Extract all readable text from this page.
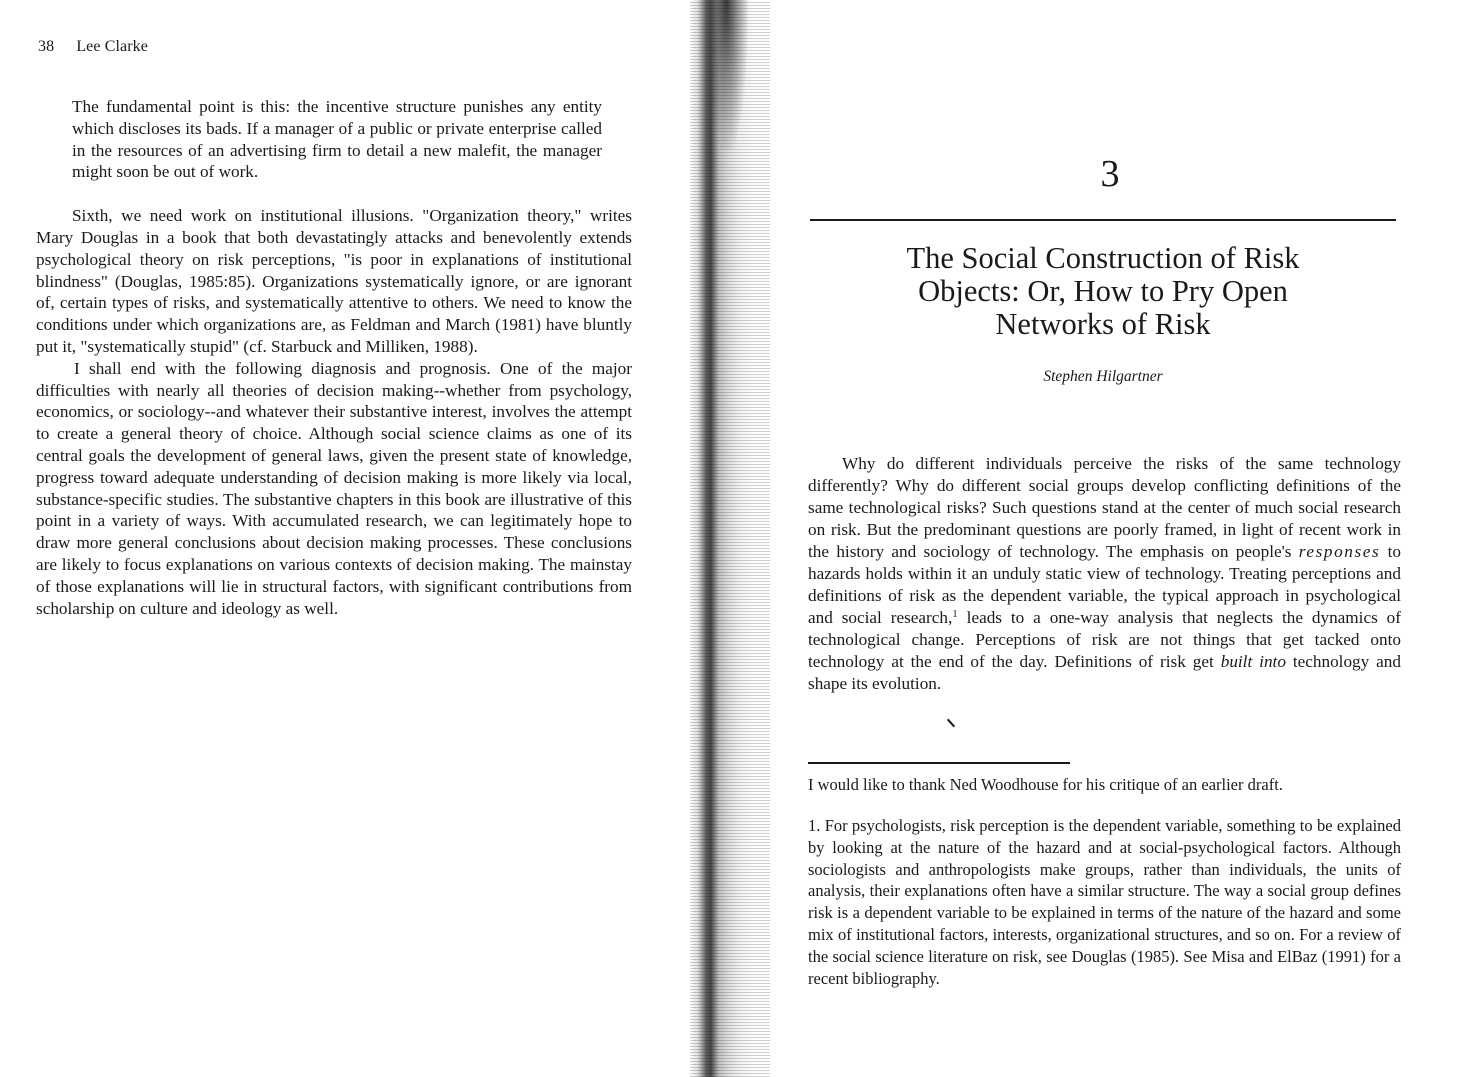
38 Lee Clarke

The fundamental point is this: the incentive structure punishes any entity which discloses its bads. If a manager of a public or private enterprise called in the resources of an advertising firm to detail a new malefit, the manager might soon be out of work.

Sixth, we need work on institutional illusions. "Organization theory," writes Mary Douglas in a book that both devastatingly attacks and benevolently extends psychological theory on risk perceptions, "is poor in explanations of institutional blindness" (Douglas, 1985:85). Organizations systematically ignore, or are ignorant of, certain types of risks, and systematically attentive to others. We need to know the conditions under which organizations are, as Feldman and March (1981) have bluntly put it, "systematically stupid" (cf. Starbuck and Milliken, 1988).

I shall end with the following diagnosis and prognosis. One of the major difficulties with nearly all theories of decision making--whether from psychology, economics, or sociology--and whatever their substantive interest, involves the attempt to create a general theory of choice. Although social science claims as one of its central goals the development of general laws, given the present state of knowledge, progress toward adequate understanding of decision making is more likely via local, substance-specific studies. The substantive chapters in this book are illustrative of this point in a variety of ways. With accumulated research, we can legitimately hope to draw more general conclusions about decision making processes. These conclusions are likely to focus explanations on various contexts of decision making. The mainstay of those explanations will lie in structural factors, with significant contributions from scholarship on culture and ideology as well.

3
The Social Construction of Risk Objects: Or, How to Pry Open Networks of Risk
Stephen Hilgartner

Why do different individuals perceive the risks of the same technology differently? Why do different social groups develop conflicting definitions of the same technological risks? Such questions stand at the center of much social research on risk. But the predominant questions are poorly framed, in light of recent work in the history and sociology of technology. The emphasis on people's responses to hazards holds within it an unduly static view of technology. Treating perceptions and definitions of risk as the dependent variable, the typical approach in psychological and social research,$^1$ leads to a one-way analysis that neglects the dynamics of technological change. Perceptions of risk are not things that get tacked onto technology at the end of the day. Definitions of risk get built into technology and shape its evolution.

I would like to thank Ned Woodhouse for his critique of an earlier draft.

1. For psychologists, risk perception is the dependent variable, something to be explained by looking at the nature of the hazard and at social-psychological factors. Although sociologists and anthropologists make groups, rather than individuals, the units of analysis, their explanations often have a similar structure. The way a social group defines risk is a dependent variable to be explained in terms of the nature of the hazard and some mix of institutional factors, interests, organizational structures, and so on. For a review of the social science literature on risk, see Douglas (1985). See Misa and ElBaz (1991) for a recent bibliography.
